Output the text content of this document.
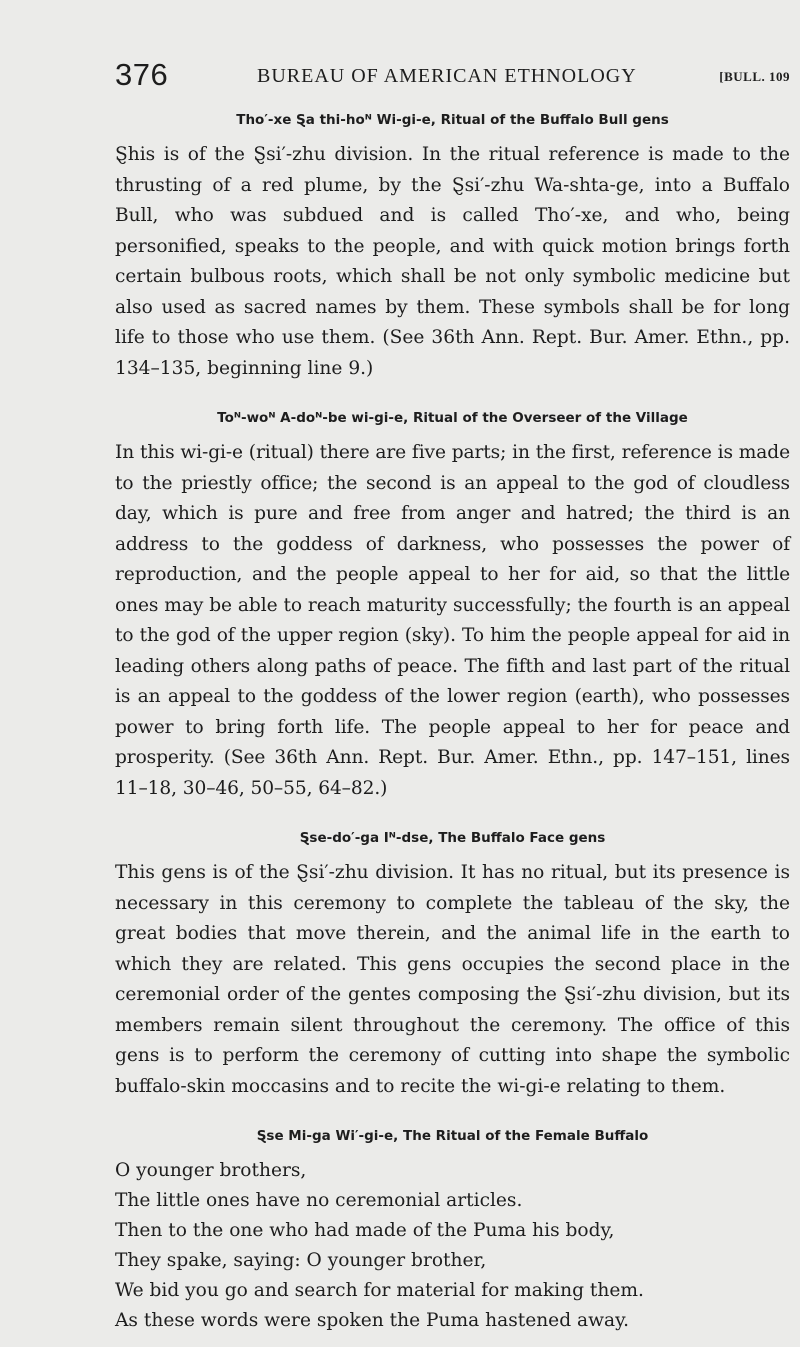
376	BUREAU OF AMERICAN ETHNOLOGY	[BULL. 109
Tho′-xe Ȿa thi-hoᴺ Wi-gi-e, Ritual of the Buffalo Bull gens

Ȿhis is of the Ȿsi′-zhu division. In the ritual reference is made to the thrusting of a red plume, by the Ȿsi′-zhu Wa-shta-ge, into a Buffalo Bull, who was subdued and is called Tho′-xe, and who, being personified, speaks to the people, and with quick motion brings forth certain bulbous roots, which shall be not only symbolic medicine but also used as sacred names by them. These symbols shall be for long life to those who use them. (See 36th Ann. Rept. Bur. Amer. Ethn., pp. 134–135, beginning line 9.)

Toᴺ-woᴺ A-doᴺ-be wi-gi-e, Ritual of the Overseer of the Village

In this wi-gi-e (ritual) there are five parts; in the first, reference is made to the priestly office; the second is an appeal to the god of cloudless day, which is pure and free from anger and hatred; the third is an address to the goddess of darkness, who possesses the power of reproduction, and the people appeal to her for aid, so that the little ones may be able to reach maturity successfully; the fourth is an appeal to the god of the upper region (sky). To him the people appeal for aid in leading others along paths of peace. The fifth and last part of the ritual is an appeal to the goddess of the lower region (earth), who possesses power to bring forth life. The people appeal to her for peace and prosperity. (See 36th Ann. Rept. Bur. Amer. Ethn., pp. 147–151, lines 11–18, 30–46, 50–55, 64–82.)

Ȿse-do′-ga Iᴺ-dse, The Buffalo Face gens

This gens is of the Ȿsi′-zhu division. It has no ritual, but its presence is necessary in this ceremony to complete the tableau of the sky, the great bodies that move therein, and the animal life in the earth to which they are related. This gens occupies the second place in the ceremonial order of the gentes composing the Ȿsi′-zhu division, but its members remain silent throughout the ceremony. The office of this gens is to perform the ceremony of cutting into shape the symbolic buffalo-skin moccasins and to recite the wi-gi-e relating to them.

Ȿse Mi-ga Wi′-gi-e, The Ritual of the Female Buffalo
O younger brothers,
The little ones have no ceremonial articles.
Then to the one who had made of the Puma his body,
They spake, saying: O younger brother,
We bid you go and search for material for making them.
As these words were spoken the Puma hastened away.
